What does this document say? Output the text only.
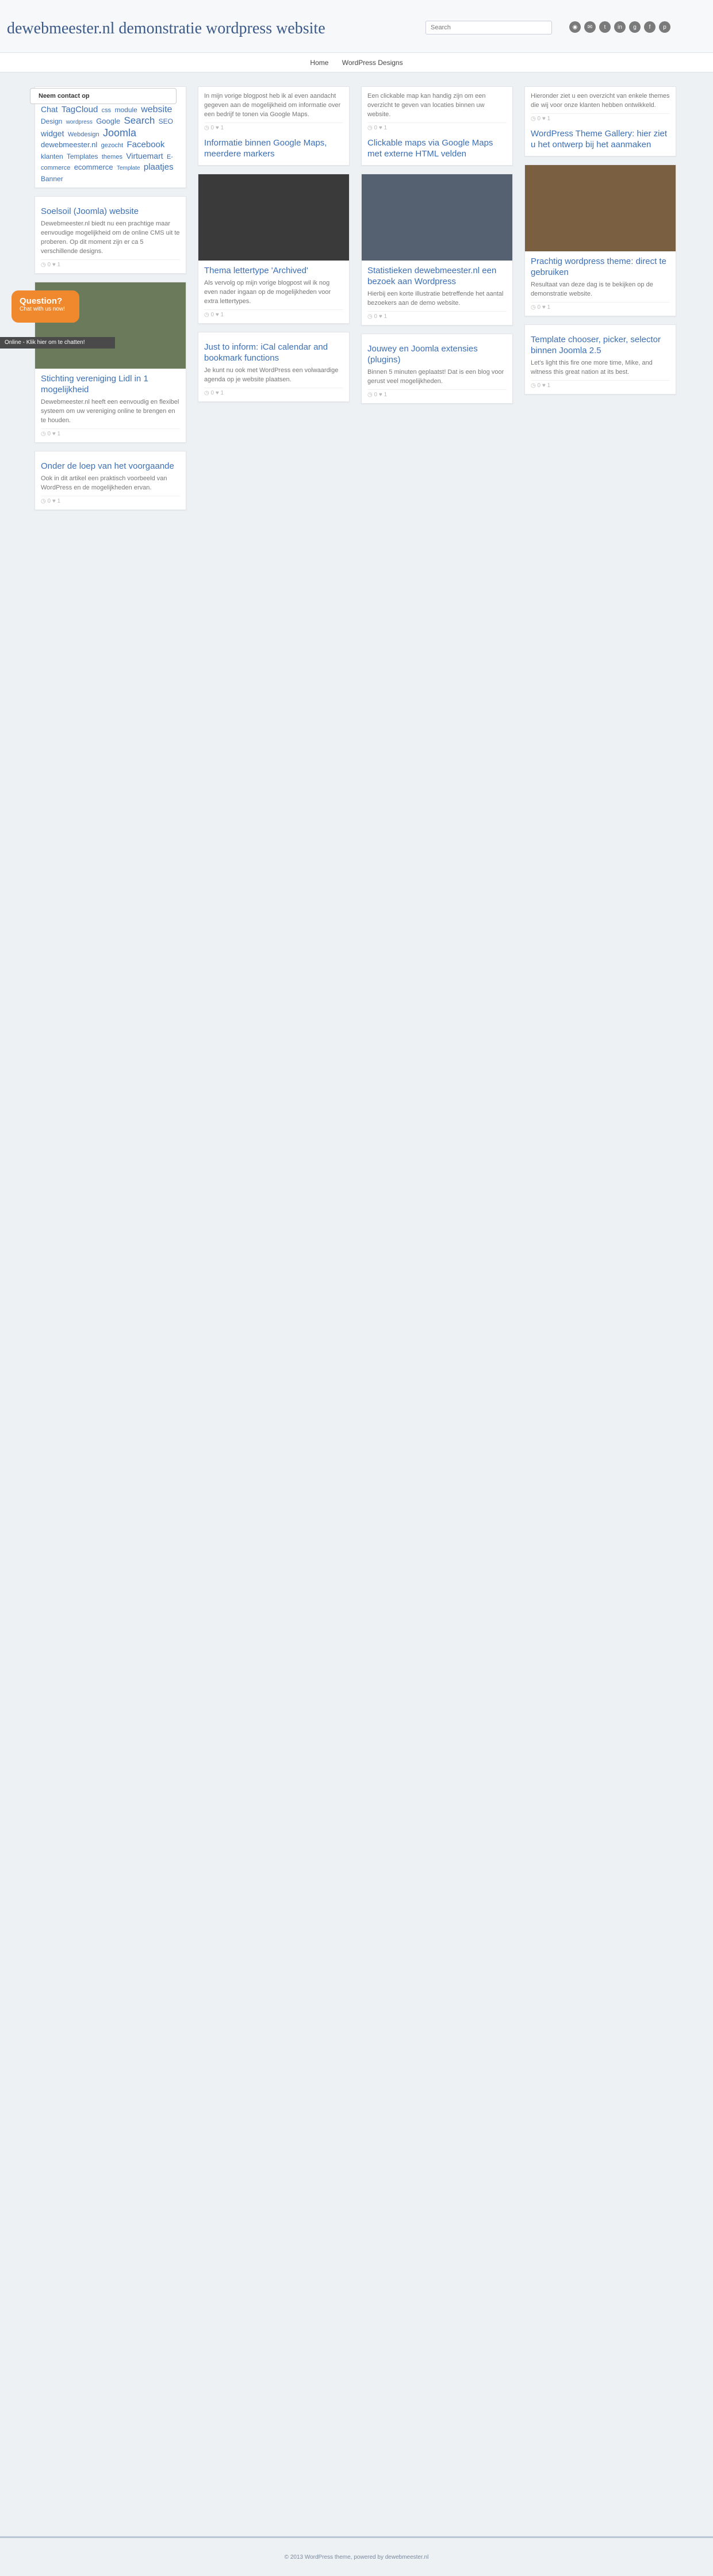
dewebmeester.nl demonstratie wordpress website
Search	◉	✉	t	in	g	f	p
Home WordPress Designs
Neem contact op
Question?
Chat with us now!
Online - Klik hier om te chatten!
Chat TagCloud css module website Design wordpress Google Search SEO widget Webdesign Joomla dewebmeester.nl gezocht Facebook klanten Templates themes Virtuemart E-commerce ecommerce Template plaatjes Banner
Soelsoil (Joomla) website

Dewebmeester.nl biedt nu een prachtige maar eenvoudige mogelijkheid om de online CMS uit te proberen. Op dit moment zijn er ca 5 verschillende designs.

◷ 0 ♥ 1
Stichting vereniging Lidl in 1 mogelijkheid

Dewebmeester.nl heeft een eenvoudig en flexibel systeem om uw vereniging online te brengen en te houden.

◷ 0 ♥ 1
Onder de loep van het voorgaande

Ook in dit artikel een praktisch voorbeeld van WordPress en de mogelijkheden ervan.

◷ 0 ♥ 1

In mijn vorige blogpost heb ik al even aandacht gegeven aan de mogelijkheid om informatie over een bedrijf te tonen via Google Maps.

◷ 0 ♥ 1
Informatie binnen Google Maps, meerdere markers
Thema lettertype 'Archived'

Als vervolg op mijn vorige blogpost wil ik nog even nader ingaan op de mogelijkheden voor extra lettertypes.

◷ 0 ♥ 1
Just to inform: iCal calendar and bookmark functions

Je kunt nu ook met WordPress een volwaardige agenda op je website plaatsen.

◷ 0 ♥ 1

Een clickable map kan handig zijn om een overzicht te geven van locaties binnen uw website.

◷ 0 ♥ 1
Clickable maps via Google Maps met externe HTML velden
Statistieken dewebmeester.nl een bezoek aan Wordpress

Hierbij een korte illustratie betreffende het aantal bezoekers aan de demo website.

◷ 0 ♥ 1
Jouwey en Joomla extensies (plugins)

Binnen 5 minuten geplaatst! Dat is een blog voor gerust veel mogelijkheden.

◷ 0 ♥ 1

Hieronder ziet u een overzicht van enkele themes die wij voor onze klanten hebben ontwikkeld.

◷ 0 ♥ 1
WordPress Theme Gallery: hier ziet u het ontwerp bij het aanmaken
Prachtig wordpress theme: direct te gebruiken

Resultaat van deze dag is te bekijken op de demonstratie website.

◷ 0 ♥ 1
Template chooser, picker, selector binnen Joomla 2.5

Let's light this fire one more time, Mike, and witness this great nation at its best.

◷ 0 ♥ 1
© 2013 WordPress theme, powered by dewebmeester.nl
